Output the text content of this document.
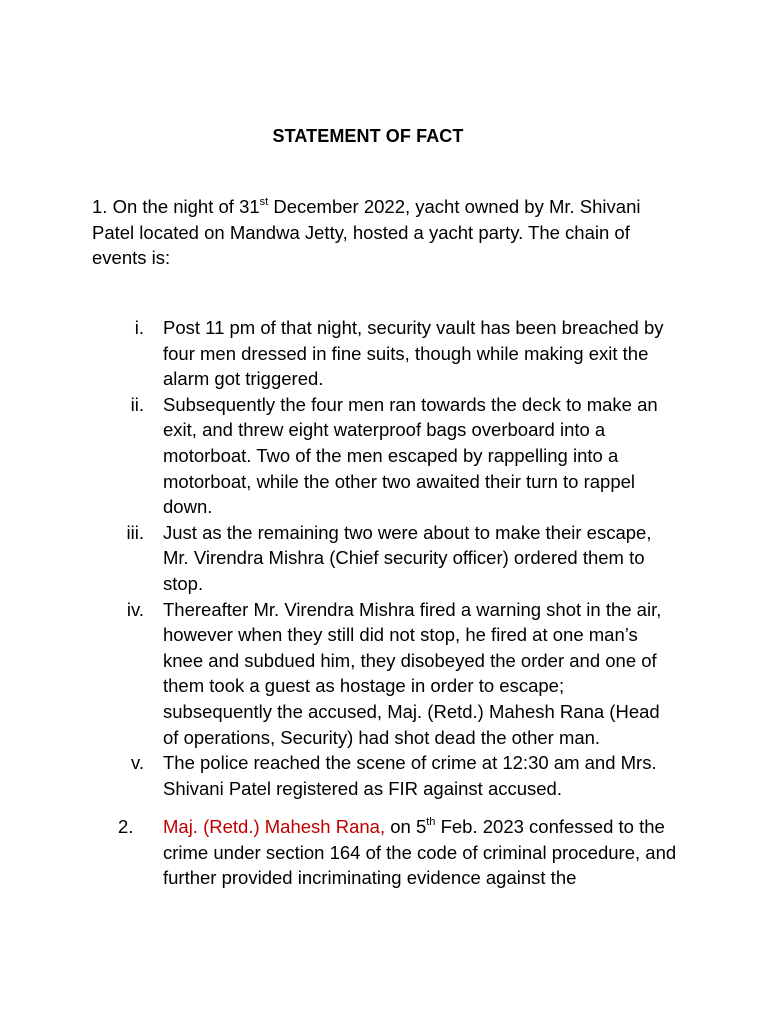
STATEMENT OF FACT
1. On the night of 31st December 2022, yacht owned by Mr. Shivani Patel located on Mandwa Jetty, hosted a yacht party. The chain of events is:
i. Post 11 pm of that night, security vault has been breached by four men dressed in fine suits, though while making exit the alarm got triggered.
ii. Subsequently the four men ran towards the deck to make an exit, and threw eight waterproof bags overboard into a motorboat. Two of the men escaped by rappelling into a motorboat, while the other two awaited their turn to rappel down.
iii. Just as the remaining two were about to make their escape, Mr. Virendra Mishra (Chief security officer) ordered them to stop.
iv. Thereafter Mr. Virendra Mishra fired a warning shot in the air, however when they still did not stop, he fired at one man’s knee and subdued him, they disobeyed the order and one of them took a guest as hostage in order to escape; subsequently the accused, Maj. (Retd.) Mahesh Rana (Head of operations, Security) had shot dead the other man.
v. The police reached the scene of crime at 12:30 am and Mrs. Shivani Patel registered as FIR against accused.
2. Maj. (Retd.) Mahesh Rana, on 5th Feb. 2023 confessed to the crime under section 164 of the code of criminal procedure, and further provided incriminating evidence against the
